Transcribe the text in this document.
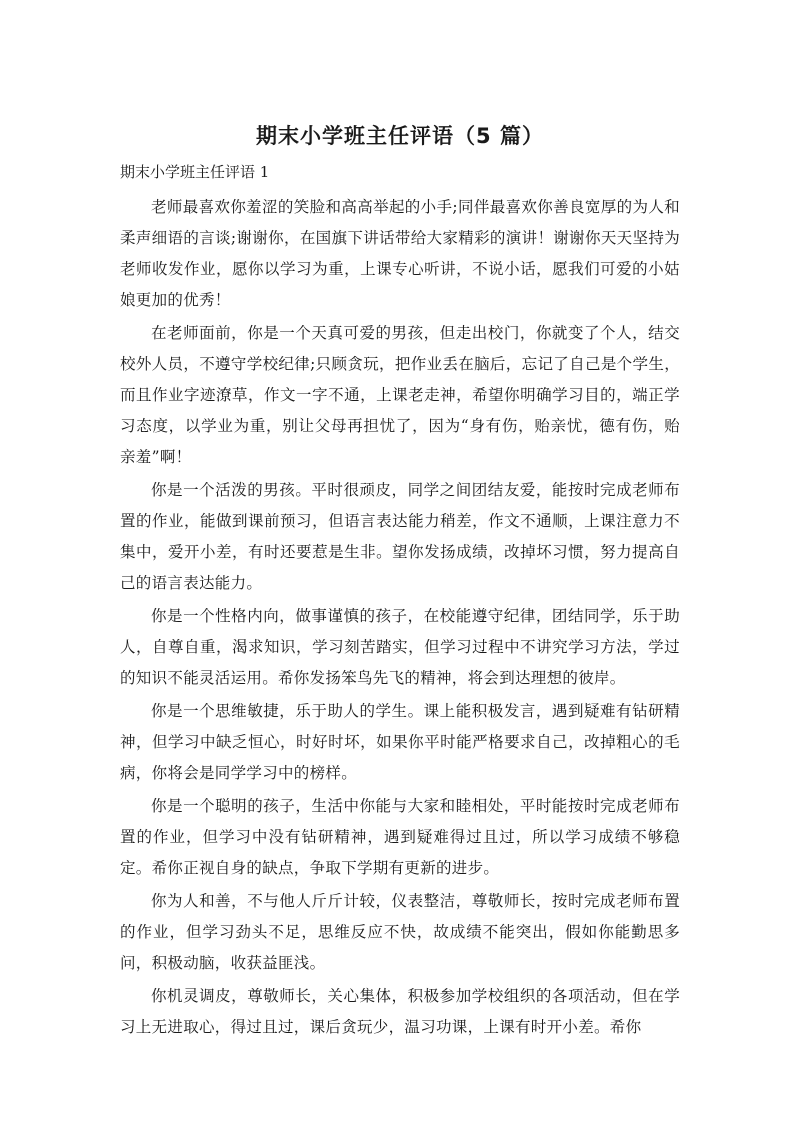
期末小学班主任评语（5 篇）

期末小学班主任评语 1

老师最喜欢你羞涩的笑脸和高高举起的小手;同伴最喜欢你善良宽厚的为人和柔声细语的言谈;谢谢你，在国旗下讲话带给大家精彩的演讲！谢谢你天天坚持为老师收发作业，愿你以学习为重，上课专心听讲，不说小话，愿我们可爱的小姑娘更加的优秀！

在老师面前，你是一个天真可爱的男孩，但走出校门，你就变了个人，结交校外人员，不遵守学校纪律;只顾贪玩，把作业丢在脑后，忘记了自己是个学生，而且作业字迹潦草，作文一字不通，上课老走神，希望你明确学习目的，端正学习态度，以学业为重，别让父母再担忧了，因为“身有伤，贻亲忧，德有伤，贻亲羞”啊！

你是一个活泼的男孩。平时很顽皮，同学之间团结友爱，能按时完成老师布置的作业，能做到课前预习，但语言表达能力稍差，作文不通顺，上课注意力不集中，爱开小差，有时还要惹是生非。望你发扬成绩，改掉坏习惯，努力提高自己的语言表达能力。

你是一个性格内向，做事谨慎的孩子，在校能遵守纪律，团结同学，乐于助人，自尊自重，渴求知识，学习刻苦踏实，但学习过程中不讲究学习方法，学过的知识不能灵活运用。希你发扬笨鸟先飞的精神，将会到达理想的彼岸。

你是一个思维敏捷，乐于助人的学生。课上能积极发言，遇到疑难有钻研精神，但学习中缺乏恒心，时好时坏，如果你平时能严格要求自己，改掉粗心的毛病，你将会是同学学习中的榜样。

你是一个聪明的孩子，生活中你能与大家和睦相处，平时能按时完成老师布置的作业，但学习中没有钻研精神，遇到疑难得过且过，所以学习成绩不够稳定。希你正视自身的缺点，争取下学期有更新的进步。

你为人和善，不与他人斤斤计较，仪表整洁，尊敬师长，按时完成老师布置的作业，但学习劲头不足，思维反应不快，故成绩不能突出，假如你能勤思多问，积极动脑，收获益匪浅。

你机灵调皮，尊敬师长，关心集体，积极参加学校组织的各项活动，但在学习上无进取心，得过且过，课后贪玩少，温习功课，上课有时开小差。希你
